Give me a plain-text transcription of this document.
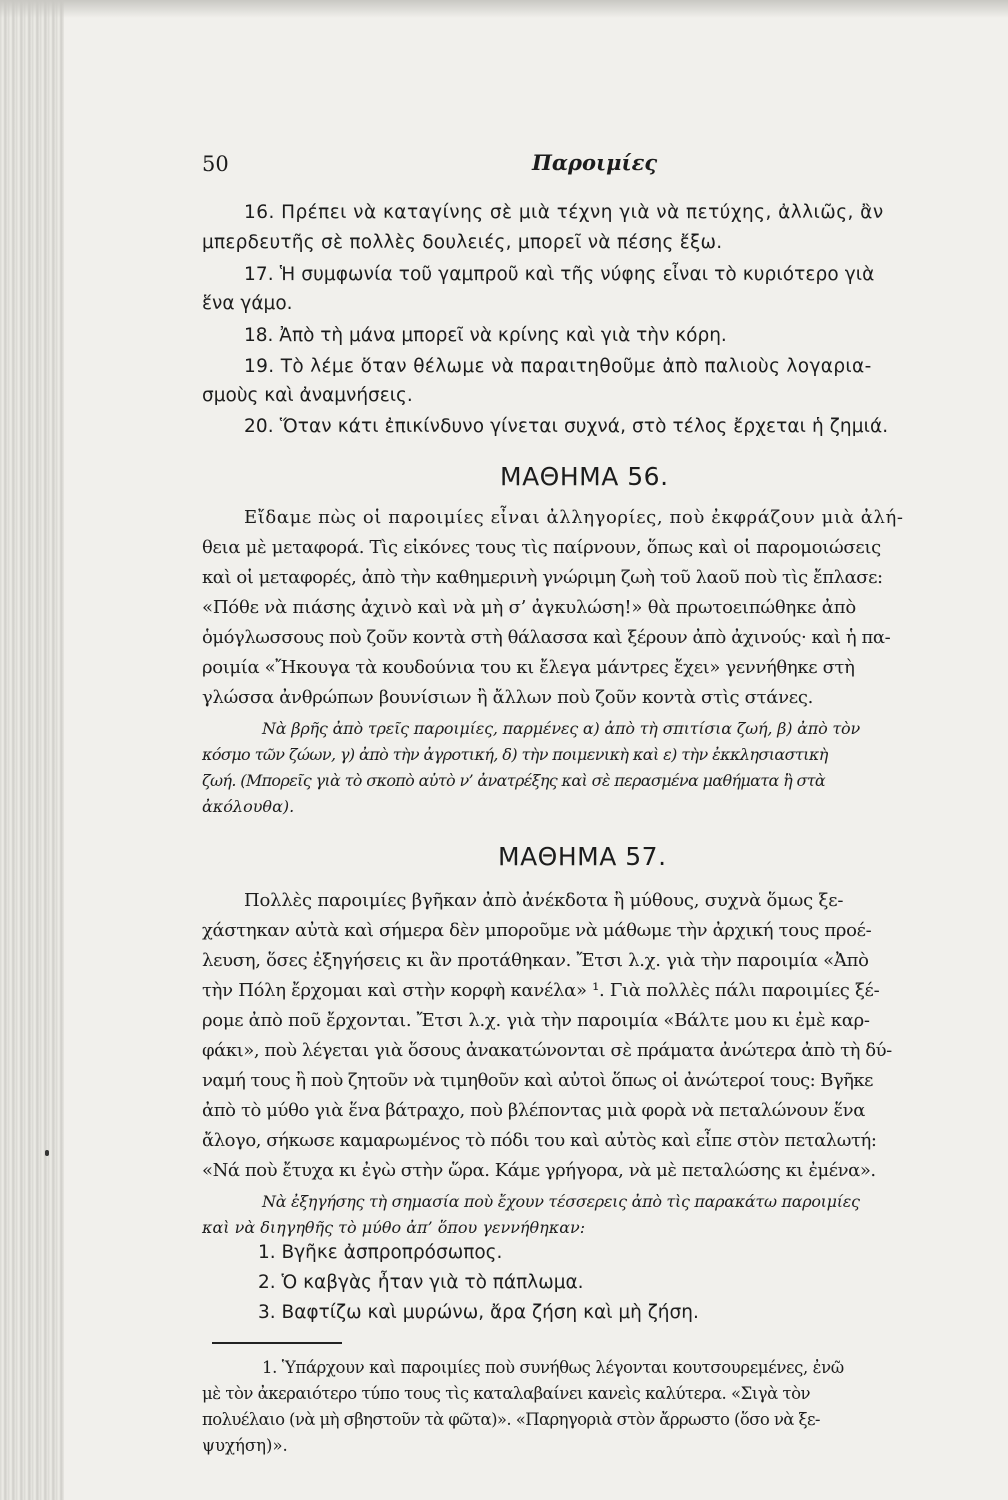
50	Παροιμίες
16. Πρέπει νὰ καταγίνης σὲ μιὰ τέχνη γιὰ νὰ πετύχης, ἀλλιῶς, ἂν
μπερδευτῆς σὲ πολλὲς δουλειές, μπορεῖ νὰ πέσης ἔξω.
17. Ἡ συμφωνία τοῦ γαμπροῦ καὶ τῆς νύφης εἶναι τὸ κυριότερο γιὰ
ἕνα γάμο.
18. Ἀπὸ τὴ μάνα μπορεῖ νὰ κρίνης καὶ γιὰ τὴν κόρη.
19. Τὸ λέμε ὅταν θέλωμε νὰ παραιτηθοῦμε ἀπὸ παλιοὺς λογαρια-
σμοὺς καὶ ἀναμνήσεις.
20. Ὅταν κάτι ἐπικίνδυνο γίνεται συχνά, στὸ τέλος ἔρχεται ἡ ζημιά.
ΜΑΘΗΜΑ 56.
Εἴδαμε πὼς οἱ παροιμίες εἶναι ἀλληγορίες, ποὺ ἐκφράζουν μιὰ ἀλή-
θεια μὲ μεταφορά. Τὶς εἰκόνες τους τὶς παίρνουν, ὅπως καὶ οἱ παρομοιώσεις
καὶ οἱ μεταφορές, ἀπὸ τὴν καθημερινὴ γνώριμη ζωὴ τοῦ λαοῦ ποὺ τὶς ἔπλασε:
«Πόθε νὰ πιάσης ἀχινὸ καὶ νὰ μὴ σ’ ἀγκυλώση!» θὰ πρωτοειπώθηκε ἀπὸ
ὁμόγλωσσους ποὺ ζοῦν κοντὰ στὴ θάλασσα καὶ ξέρουν ἀπὸ ἀχινούς· καὶ ἡ πα-
ροιμία «Ἤκουγα τὰ κουδούνια του κι ἔλεγα μάντρες ἔχει» γεννήθηκε στὴ
γλώσσα ἀνθρώπων βουνίσιων ἢ ἄλλων ποὺ ζοῦν κοντὰ στὶς στάνες.
Νὰ βρῆς ἀπὸ τρεῖς παροιμίες, παρμένες α) ἀπὸ τὴ σπιτίσια ζωή, β) ἀπὸ τὸν
κόσμο τῶν ζώων, γ) ἀπὸ τὴν ἀγροτική, δ) τὴν ποιμενικὴ καὶ ε) τὴν ἐκκλησιαστικὴ
ζωή. (Μπορεῖς γιὰ τὸ σκοπὸ αὐτὸ ν’ ἀνατρέξης καὶ σὲ περασμένα μαθήματα ἢ στὰ
ἀκόλουθα).
ΜΑΘΗΜΑ 57.
Πολλὲς παροιμίες βγῆκαν ἀπὸ ἀνέκδοτα ἢ μύθους, συχνὰ ὅμως ξε-
χάστηκαν αὐτὰ καὶ σήμερα δὲν μποροῦμε νὰ μάθωμε τὴν ἀρχική τους προέ-
λευση, ὅσες ἐξηγήσεις κι ἂν προτάθηκαν. Ἔτσι λ.χ. γιὰ τὴν παροιμία «Ἀπὸ
τὴν Πόλη ἔρχομαι καὶ στὴν κορφὴ κανέλα» ¹. Γιὰ πολλὲς πάλι παροιμίες ξέ-
ρομε ἀπὸ ποῦ ἔρχονται. Ἔτσι λ.χ. γιὰ τὴν παροιμία «Βάλτε μου κι ἐμὲ καρ-
φάκι», ποὺ λέγεται γιὰ ὅσους ἀνακατώνονται σὲ πράματα ἀνώτερα ἀπὸ τὴ δύ-
ναμή τους ἢ ποὺ ζητοῦν νὰ τιμηθοῦν καὶ αὐτοὶ ὅπως οἱ ἀνώτεροί τους: Βγῆκε
ἀπὸ τὸ μύθο γιὰ ἕνα βάτραχο, ποὺ βλέποντας μιὰ φορὰ νὰ πεταλώνουν ἕνα
ἄλογο, σήκωσε καμαρωμένος τὸ πόδι του καὶ αὐτὸς καὶ εἶπε στὸν πεταλωτή:
«Νά ποὺ ἔτυχα κι ἐγὼ στὴν ὥρα. Κάμε γρήγορα, νὰ μὲ πεταλώσης κι ἐμένα».
Νὰ ἐξηγήσης τὴ σημασία ποὺ ἔχουν τέσσερεις ἀπὸ τὶς παρακάτω παροιμίες
καὶ νὰ διηγηθῆς τὸ μύθο ἀπ’ ὅπου γεννήθηκαν:
1. Βγῆκε ἀσπροπρόσωπος.
2. Ὁ καβγὰς ἦταν γιὰ τὸ πάπλωμα.
3. Βαφτίζω καὶ μυρώνω, ἄρα ζήση καὶ μὴ ζήση.
1. Ὑπάρχουν καὶ παροιμίες ποὺ συνήθως λέγονται κουτσουρεμένες, ἐνῶ
μὲ τὸν ἀκεραιότερο τύπο τους τὶς καταλαβαίνει κανεὶς καλύτερα. «Σιγὰ τὸν
πολυέλαιο (νὰ μὴ σβηστοῦν τὰ φῶτα)». «Παρηγοριὰ στὸν ἄρρωστο (ὅσο νὰ ξε-
ψυχήση)».
